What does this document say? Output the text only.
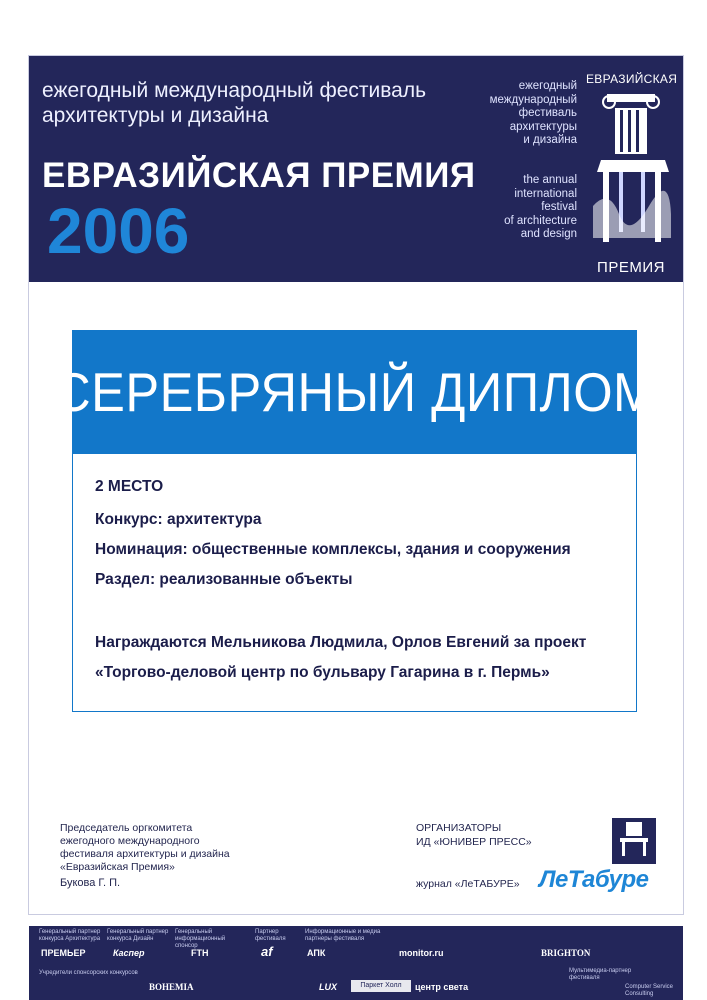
ежегодный международный фестиваль архитектуры и дизайна
ЕВРАЗИЙСКАЯ ПРЕМИЯ
2006
ежегодный
международный
фестиваль
архитектуры
и дизайна
the annual
international
festival
of architecture
and design
ЕВРАЗИЙСКАЯ
ПРЕМИЯ
СЕРЕБРЯНЫЙ ДИПЛОМ
2 МЕСТО
Конкурс: архитектура
Номинация: общественные комплексы, здания и сооружения
Раздел: реализованные объекты
Награждаются Мельникова Людмила, Орлов Евгений за проект
«Торгово-деловой центр по бульвару Гагарина в г. Пермь»
Председатель оргкомитета
ежегодного международного
фестиваля архитектуры и дизайна
«Евразийская Премия»
Букова Г. П.
ОРГАНИЗАТОРЫ
ИД «ЮНИВЕР ПРЕСС»
журнал «ЛеТАБУРЕ» ЛеТабуре
Генеральный партнер конкурса Архитектура
Генеральный партнер конкурса Дизайн
Генеральный информационный спонсор
Партнер фестиваля
Информационные и медиа партнеры фестиваля
Учредители спонсорских конкурсов	Мультимедиа-партнер фестиваля
ПРЕМЬЕР	Каспер	FTH	af	АПК	monitor.ru	BRIGHTON
BOHEMIA	LUX	Паркет Холл	центр светa	Computer Service Consulting
